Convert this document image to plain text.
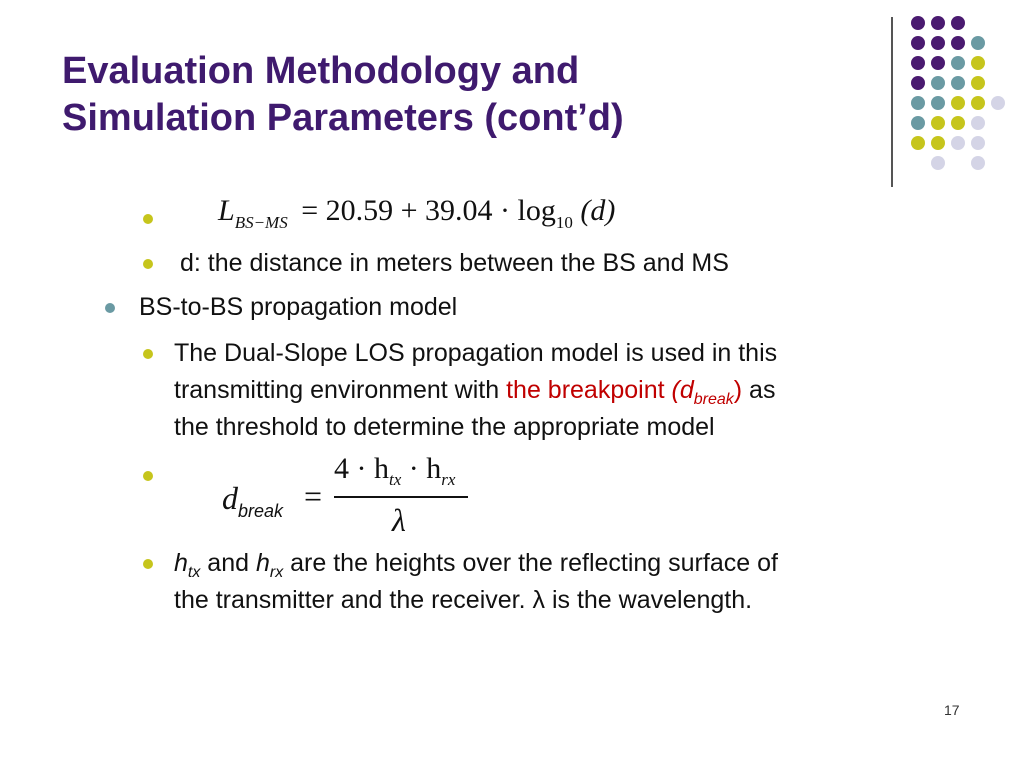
Evaluation Methodology and
Simulation Parameters (cont’d)
$L_{BS-MS} = 20.59 + 39.04 \cdot \log_{10} (d)$
d: the distance in meters between the BS and MS
BS-to-BS propagation model
The Dual-Slope LOS propagation model is used in this
transmitting environment with the breakpoint $(d_{break})$ as
the threshold to determine the appropriate model
$d_{break}$ =
$4 \cdot h_{tx} \cdot h_{rx}$
λ
$h_{tx}$ and $h_{rx}$ are the heights over the reflecting surface of
the transmitter and the receiver. λ is the wavelength.
17
